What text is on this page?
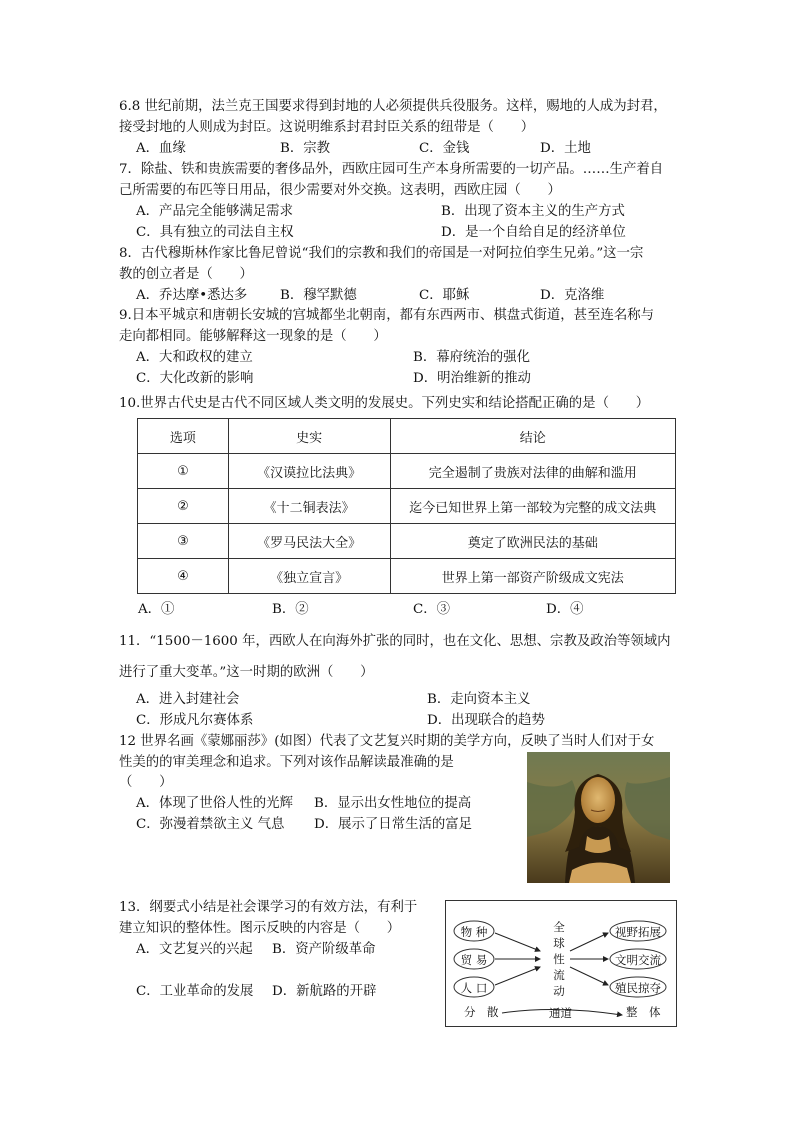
6.8 世纪前期，法兰克王国要求得到封地的人必须提供兵役服务。这样，赐地的人成为封君，
接受封地的人则成为封臣。这说明维系封君封臣关系的纽带是（　　）
A．血缘	B．宗教	C．金钱	D．土地
7．除盐、铁和贵族需要的奢侈品外，西欧庄园可生产本身所需要的一切产品。……生产着自
己所需要的布匹等日用品，很少需要对外交换。这表明，西欧庄园（　　）
A．产品完全能够满足需求	B．出现了资本主义的生产方式
C．具有独立的司法自主权	D．是一个自给自足的经济单位
8．古代穆斯林作家比鲁尼曾说“我们的宗教和我们的帝国是一对阿拉伯孪生兄弟。”这一宗
教的创立者是（　　）
A．乔达摩•悉达多 B．穆罕默德	C．耶稣	D．克洛维
9.日本平城京和唐朝长安城的宫城都坐北朝南，都有东西两市、棋盘式街道，甚至连名称与
走向都相同。能够解释这一现象的是（　　）
A．大和政权的建立	B．幕府统治的强化
C．大化改新的影响	D．明治维新的推动
10.世界古代史是古代不同区域人类文明的发展史。下列史实和结论搭配正确的是（　　）
选项	史实	结论
①	《汉谟拉比法典》	完全遏制了贵族对法律的曲解和滥用
②	《十二铜表法》	迄今已知世界上第一部较为完整的成文法典
③	《罗马民法大全》	奠定了欧洲民法的基础
④	《独立宣言》	世界上第一部资产阶级成文宪法
A．①	B．②	C．③	D．④
11．“1500－1600 年，西欧人在向海外扩张的同时，也在文化、思想、宗教及政治等领域内
进行了重大变革。”这一时期的欧洲（　　）
A．进入封建社会	B．走向资本主义
C．形成凡尔赛体系	D．出现联合的趋势
12 世界名画《蒙娜丽莎》(如图）代表了文艺复兴时期的美学方向，反映了当时人们对于女
性美的的审美理念和追求。下列对该作品解读最准确的是
（　　）
A．体现了世俗人性的光辉 B．显示出女性地位的提高
C．弥漫着禁欲主义 气息 D．展示了日常生活的富足
13．纲要式小结是社会课学习的有效方法，有利于
建立知识的整体性。图示反映的内容是（　　）
A．文艺复兴的兴起 B．资产阶级革命
C．工业革命的发展 D．新航路的开辟
物 种
贸 易
人 口
全
球
性
流
动
视野拓展
文明交流
殖民掠夺
分　散	通道	整　体
